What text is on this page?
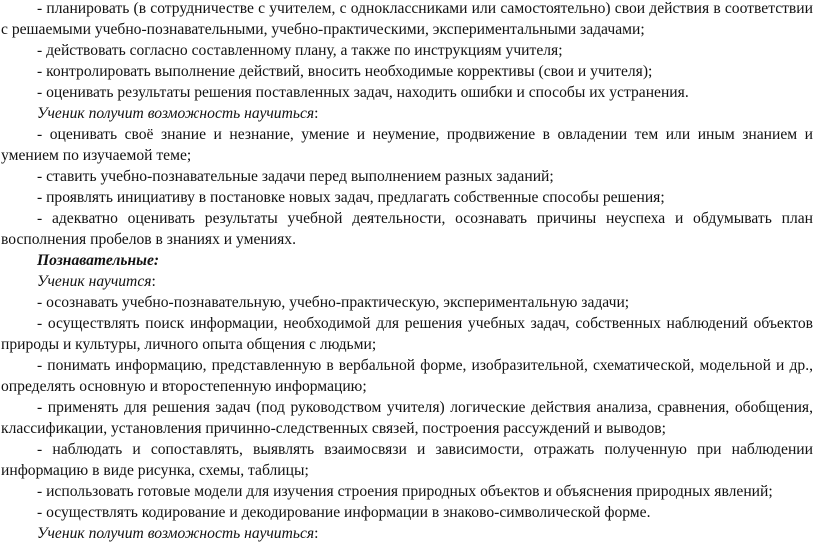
- планировать (в сотрудничестве с учителем, с одноклассниками или самостоятельно) свои действия в соответствии с решаемыми учебно-познавательными, учебно-практическими, экспериментальными задачами;

- действовать согласно составленному плану, а также по инструкциям учителя;

- контролировать выполнение действий, вносить необходимые коррективы (свои и учителя);

- оценивать результаты решения поставленных задач, находить ошибки и способы их устранения.

Ученик получит возможность научиться:

- оценивать своё знание и незнание, умение и неумение, продвижение в овладении тем или иным знанием и умением по изучаемой теме;

- ставить учебно-познавательные задачи перед выполнением разных заданий;

- проявлять инициативу в постановке новых задач, предлагать собственные способы решения;

- адекватно оценивать результаты учебной деятельности, осознавать причины неуспеха и обдумывать план восполнения пробелов в знаниях и умениях.

Познавательные:

Ученик научится:

- осознавать учебно-познавательную, учебно-практическую, экспериментальную задачи;

- осуществлять поиск информации, необходимой для решения учебных задач, собственных наблюдений объектов природы и культуры, личного опыта общения с людьми;

- понимать информацию, представленную в вербальной форме, изобразительной, схематической, модельной и др., определять основную и второстепенную информацию;

- применять для решения задач (под руководством учителя) логические действия анализа, сравнения, обобщения, классификации, установления причинно-следственных связей, построения рассуждений и выводов;

- наблюдать и сопоставлять, выявлять взаимосвязи и зависимости, отражать полученную при наблюдении информацию в виде рисунка, схемы, таблицы;

- использовать готовые модели для изучения строения природных объектов и объяснения природных явлений;

- осуществлять кодирование и декодирование информации в знаково-символической форме.

Ученик получит возможность научиться:
